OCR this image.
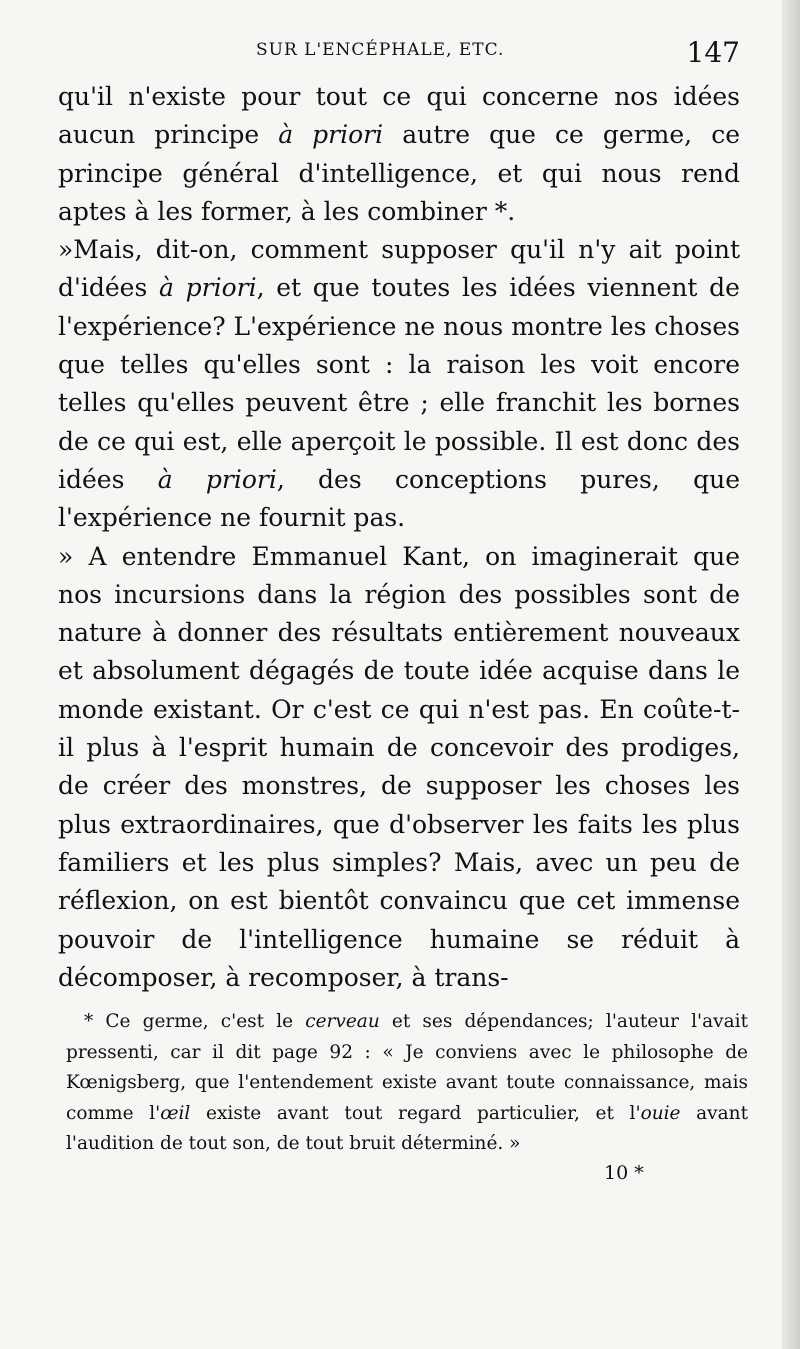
SUR L'ENCÉPHALE, ETC.	147

qu'il n'existe pour tout ce qui concerne nos idées aucun principe à priori autre que ce germe, ce principe général d'intelligence, et qui nous rend aptes à les former, à les combiner *.

»Mais, dit-on, comment supposer qu'il n'y ait point d'idées à priori, et que toutes les idées viennent de l'expérience? L'expérience ne nous montre les choses que telles qu'elles sont : la raison les voit encore telles qu'elles peuvent être ; elle franchit les bornes de ce qui est, elle aperçoit le possible. Il est donc des idées à priori, des conceptions pures, que l'expérience ne fournit pas.

» A entendre Emmanuel Kant, on imaginerait que nos incursions dans la région des possibles sont de nature à donner des résultats entièrement nouveaux et absolument dégagés de toute idée acquise dans le monde existant. Or c'est ce qui n'est pas. En coûte-t-il plus à l'esprit humain de concevoir des prodiges, de créer des monstres, de supposer les choses les plus extraordinaires, que d'observer les faits les plus familiers et les plus simples? Mais, avec un peu de réflexion, on est bientôt convaincu que cet immense pouvoir de l'intelligence humaine se réduit à décomposer, à recomposer, à trans-

* Ce germe, c'est le cerveau et ses dépendances; l'auteur l'avait pressenti, car il dit page 92 : « Je conviens avec le philosophe de Kœnigsberg, que l'entendement existe avant toute connaissance, mais comme l'œil existe avant tout regard particulier, et l'ouie avant l'audition de tout son, de tout bruit déterminé. »

10 *
